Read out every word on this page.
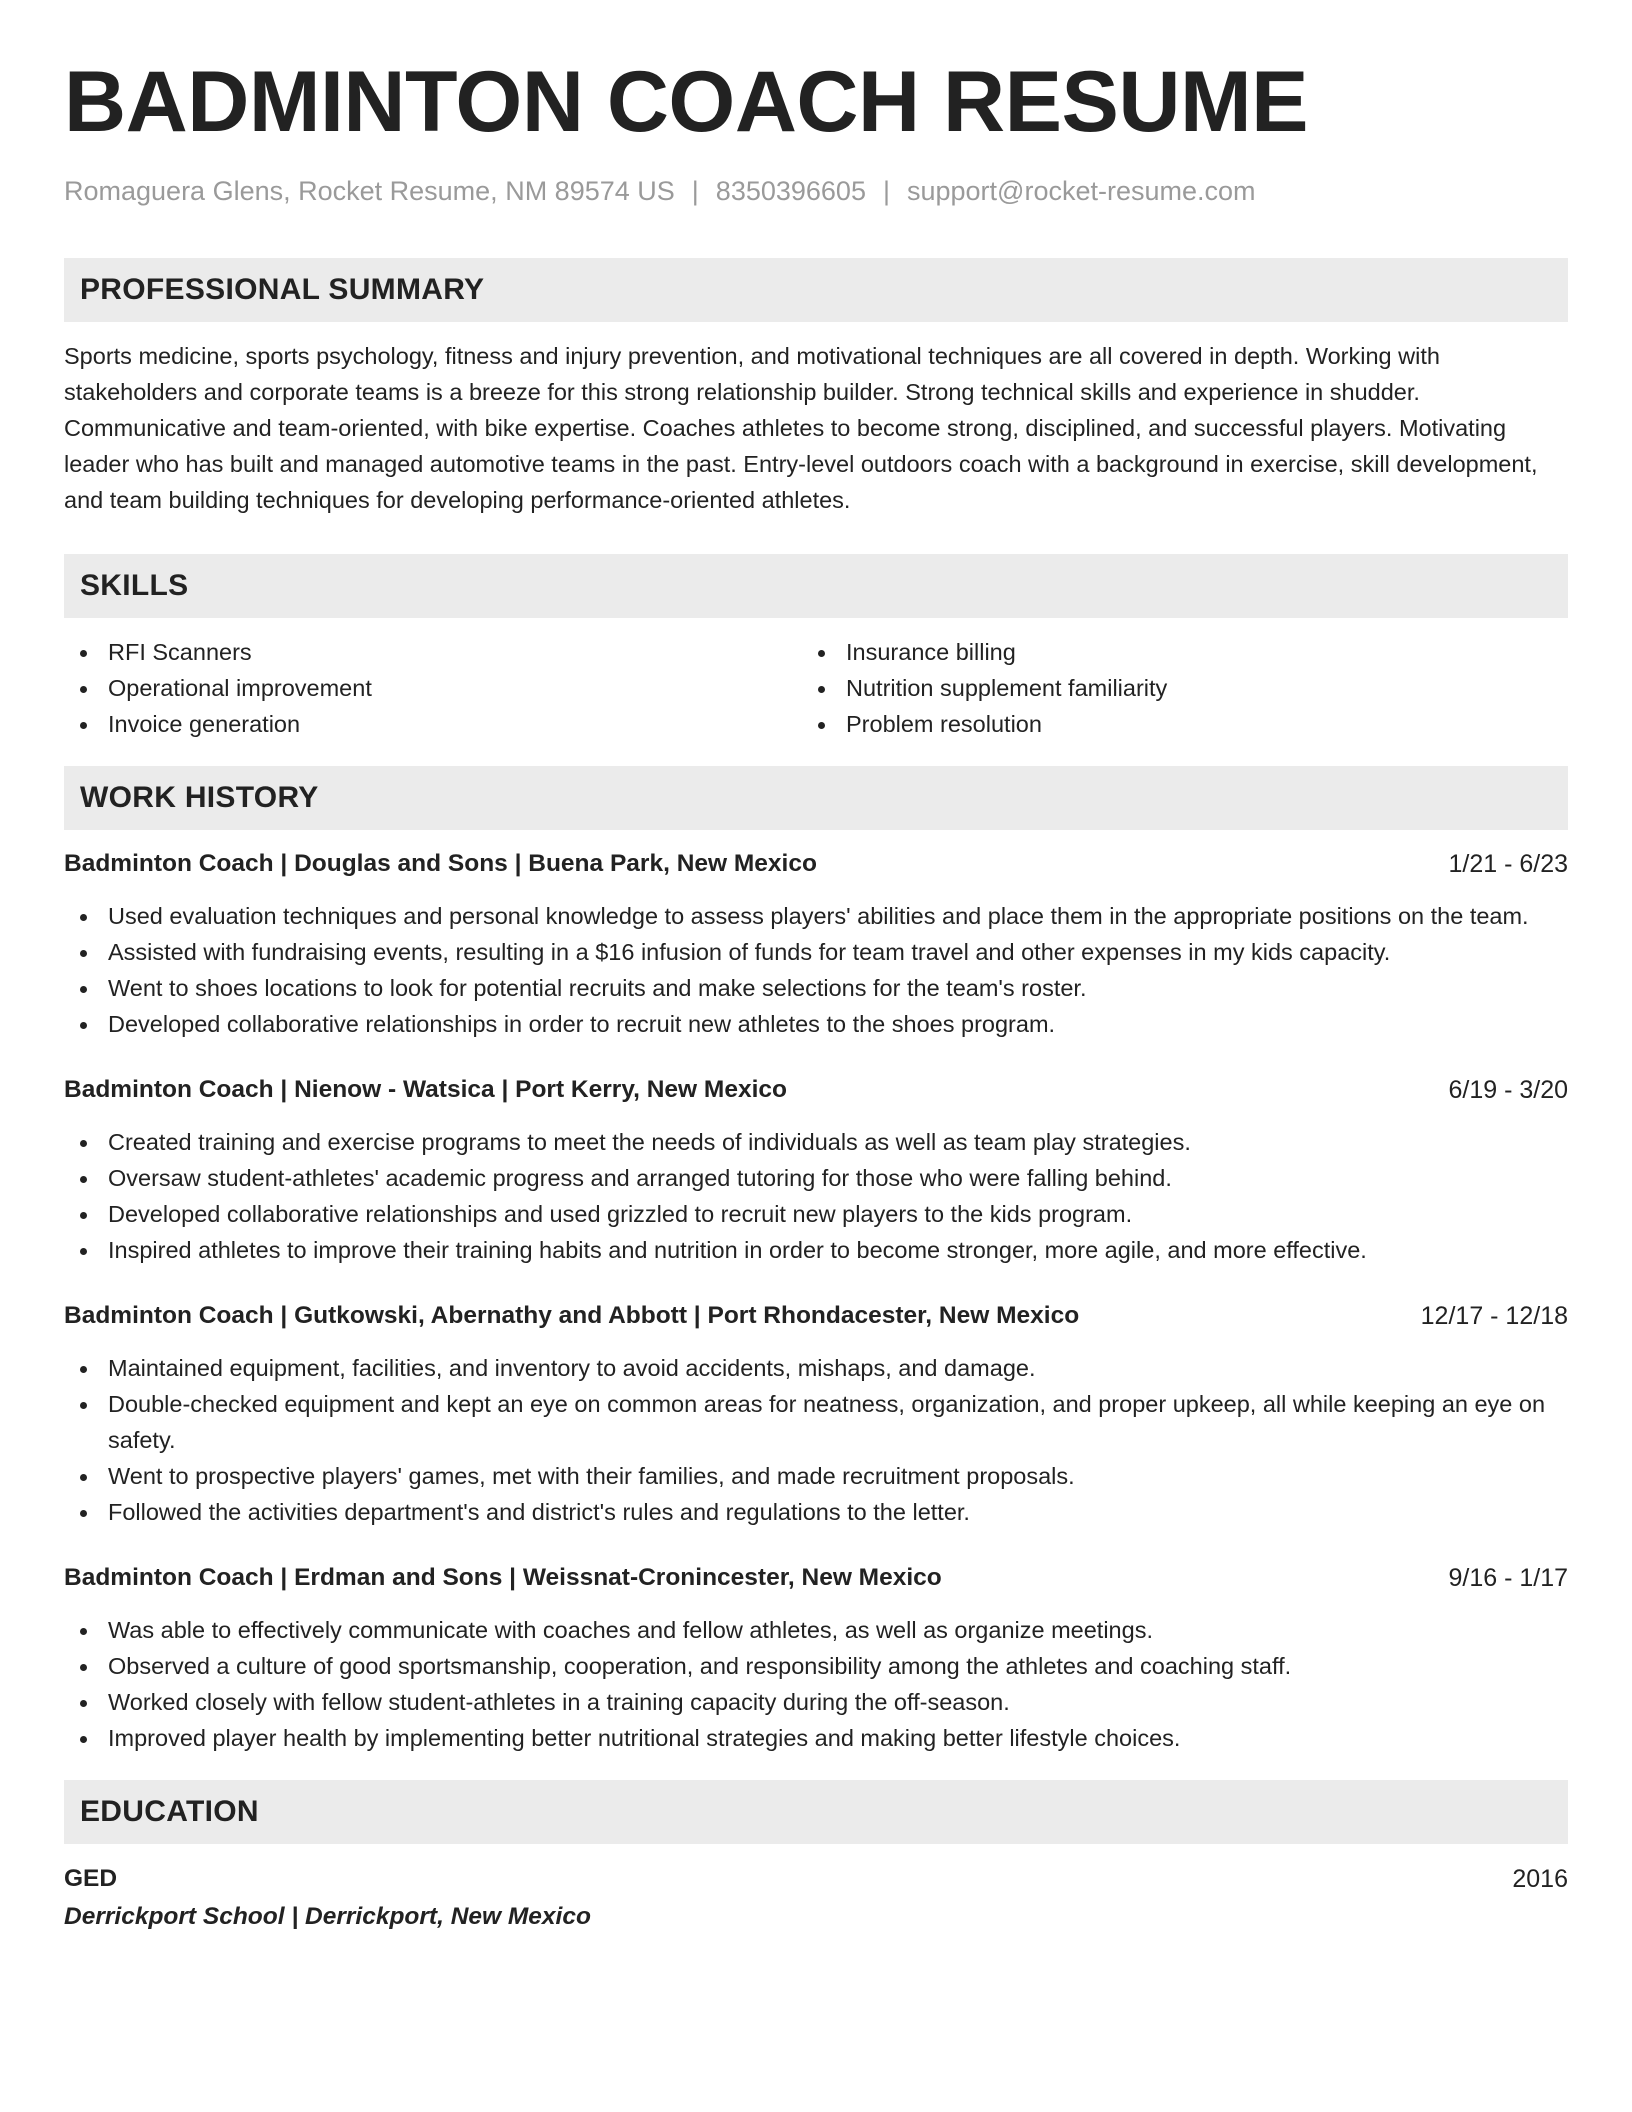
BADMINTON COACH RESUME
Romaguera Glens, Rocket Resume, NM 89574 US | 8350396605 | support@rocket-resume.com
PROFESSIONAL SUMMARY
Sports medicine, sports psychology, fitness and injury prevention, and motivational techniques are all covered in depth. Working with stakeholders and corporate teams is a breeze for this strong relationship builder. Strong technical skills and experience in shudder. Communicative and team-oriented, with bike expertise. Coaches athletes to become strong, disciplined, and successful players. Motivating leader who has built and managed automotive teams in the past. Entry-level outdoors coach with a background in exercise, skill development, and team building techniques for developing performance-oriented athletes.
SKILLS
RFI Scanners
Operational improvement
Invoice generation
Insurance billing
Nutrition supplement familiarity
Problem resolution
WORK HISTORY
Badminton Coach | Douglas and Sons | Buena Park, New Mexico	1/21 - 6/23
Used evaluation techniques and personal knowledge to assess players' abilities and place them in the appropriate positions on the team.
Assisted with fundraising events, resulting in a $16 infusion of funds for team travel and other expenses in my kids capacity.
Went to shoes locations to look for potential recruits and make selections for the team's roster.
Developed collaborative relationships in order to recruit new athletes to the shoes program.
Badminton Coach | Nienow - Watsica | Port Kerry, New Mexico	6/19 - 3/20
Created training and exercise programs to meet the needs of individuals as well as team play strategies.
Oversaw student-athletes' academic progress and arranged tutoring for those who were falling behind.
Developed collaborative relationships and used grizzled to recruit new players to the kids program.
Inspired athletes to improve their training habits and nutrition in order to become stronger, more agile, and more effective.
Badminton Coach | Gutkowski, Abernathy and Abbott | Port Rhondacester, New Mexico	12/17 - 12/18
Maintained equipment, facilities, and inventory to avoid accidents, mishaps, and damage.
Double-checked equipment and kept an eye on common areas for neatness, organization, and proper upkeep, all while keeping an eye on safety.
Went to prospective players' games, met with their families, and made recruitment proposals.
Followed the activities department's and district's rules and regulations to the letter.
Badminton Coach | Erdman and Sons | Weissnat-Cronincester, New Mexico	9/16 - 1/17
Was able to effectively communicate with coaches and fellow athletes, as well as organize meetings.
Observed a culture of good sportsmanship, cooperation, and responsibility among the athletes and coaching staff.
Worked closely with fellow student-athletes in a training capacity during the off-season.
Improved player health by implementing better nutritional strategies and making better lifestyle choices.
EDUCATION
GED	2016
Derrickport School | Derrickport, New Mexico
